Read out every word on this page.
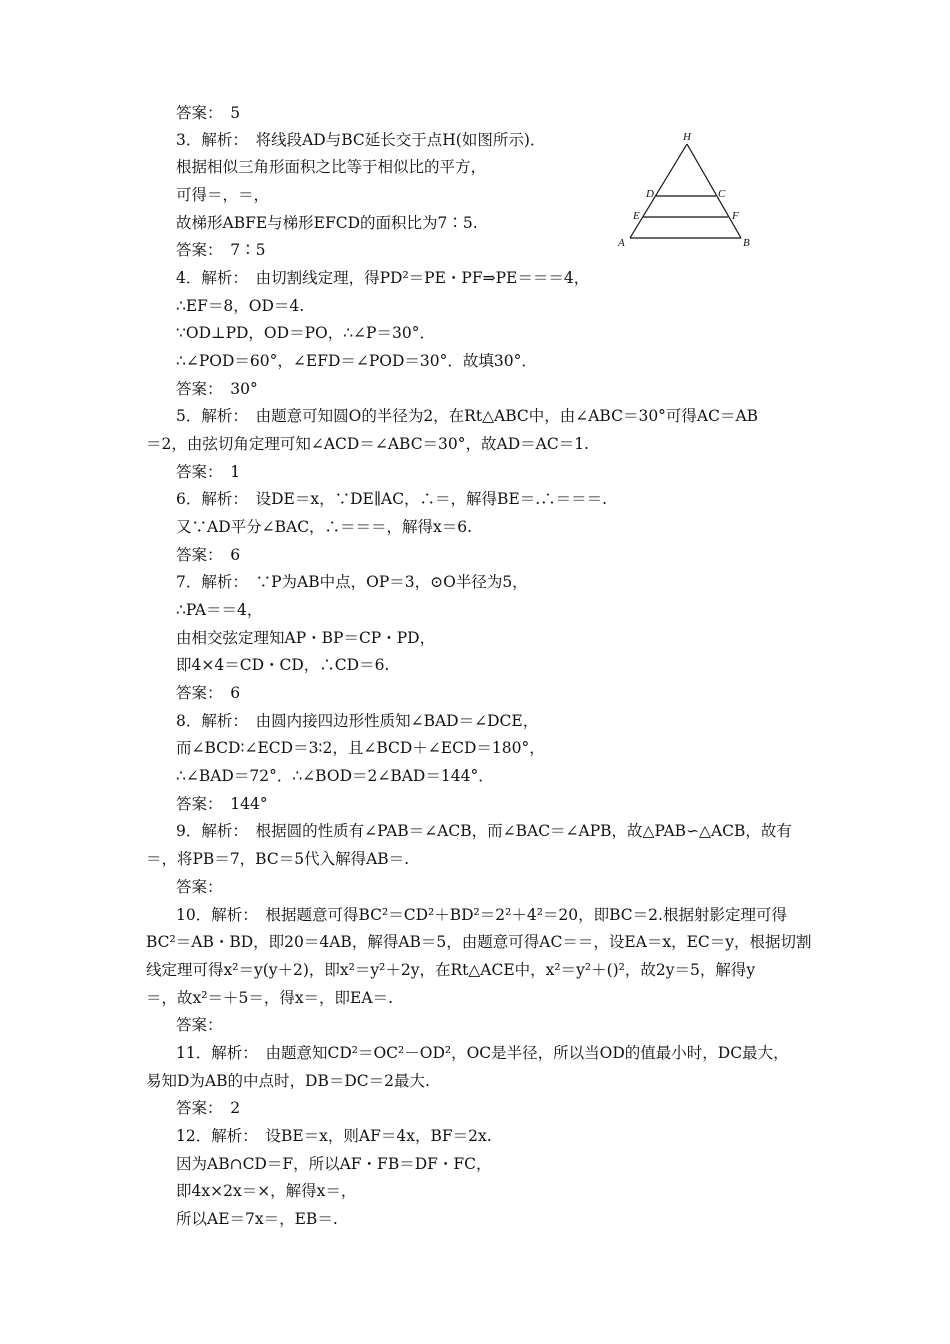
答案：　5
3．解析：　将线段AD与BC延长交于点H(如图所示)．
根据相似三角形面积之比等于相似比的平方，
可得＝，＝，
故梯形ABFE与梯形EFCD的面积比为7∶5.
答案：　7∶5
4．解析：　由切割线定理，得PD²＝PE・PF⇒PE＝＝＝4，
∴EF＝8，OD＝4.
∵OD⊥PD，OD＝PO，∴∠P＝30°．
∴∠POD＝60°，∠EFD＝∠POD＝30°．故填30°．
答案：　30°
5．解析：　由题意可知圆O的半径为2，在Rt△ABC中，由∠ABC＝30°可得AC＝AB
＝2，由弦切角定理可知∠ACD＝∠ABC＝30°，故AD＝AC＝1.
答案：　1
6．解析：　设DE＝x，∵DE∥AC，∴＝，解得BE＝.∴＝＝＝.
又∵AD平分∠BAC，∴＝＝＝，解得x＝6.
答案：　6
7．解析：　∵P为AB中点，OP＝3，⊙O半径为5，
∴PA＝＝4，
由相交弦定理知AP・BP＝CP・PD，
即4×4＝CD・CD，∴CD＝6.
答案：　6
8．解析：　由圆内接四边形性质知∠BAD＝∠DCE，
而∠BCD∶∠ECD＝3∶2，且∠BCD＋∠ECD＝180°，
∴∠BAD＝72°．∴∠BOD＝2∠BAD＝144°．
答案：　144°
9．解析：　根据圆的性质有∠PAB＝∠ACB，而∠BAC＝∠APB，故△PAB∽△ACB，故有
＝，将PB＝7，BC＝5代入解得AB＝.
答案：
10．解析：　根据题意可得BC²＝CD²＋BD²＝2²＋4²＝20，即BC＝2.根据射影定理可得
BC²＝AB・BD，即20＝4AB，解得AB＝5，由题意可得AC＝＝，设EA＝x，EC＝y，根据切割
线定理可得x²＝y(y＋2)，即x²＝y²＋2y，在Rt△ACE中，x²＝y²＋()²，故2y＝5，解得y
＝，故x²＝＋5＝，得x＝，即EA＝.
答案：
11．解析：　由题意知CD²＝OC²－OD²，OC是半径，所以当OD的值最小时，DC最大，
易知D为AB的中点时，DB＝DC＝2最大.
答案：　2
12．解析：　设BE＝x，则AF＝4x，BF＝2x.
因为AB∩CD＝F，所以AF・FB＝DF・FC，
即4x×2x＝×，解得x＝，
所以AE＝7x＝，EB＝.
H
D	C
E	F
A	B
